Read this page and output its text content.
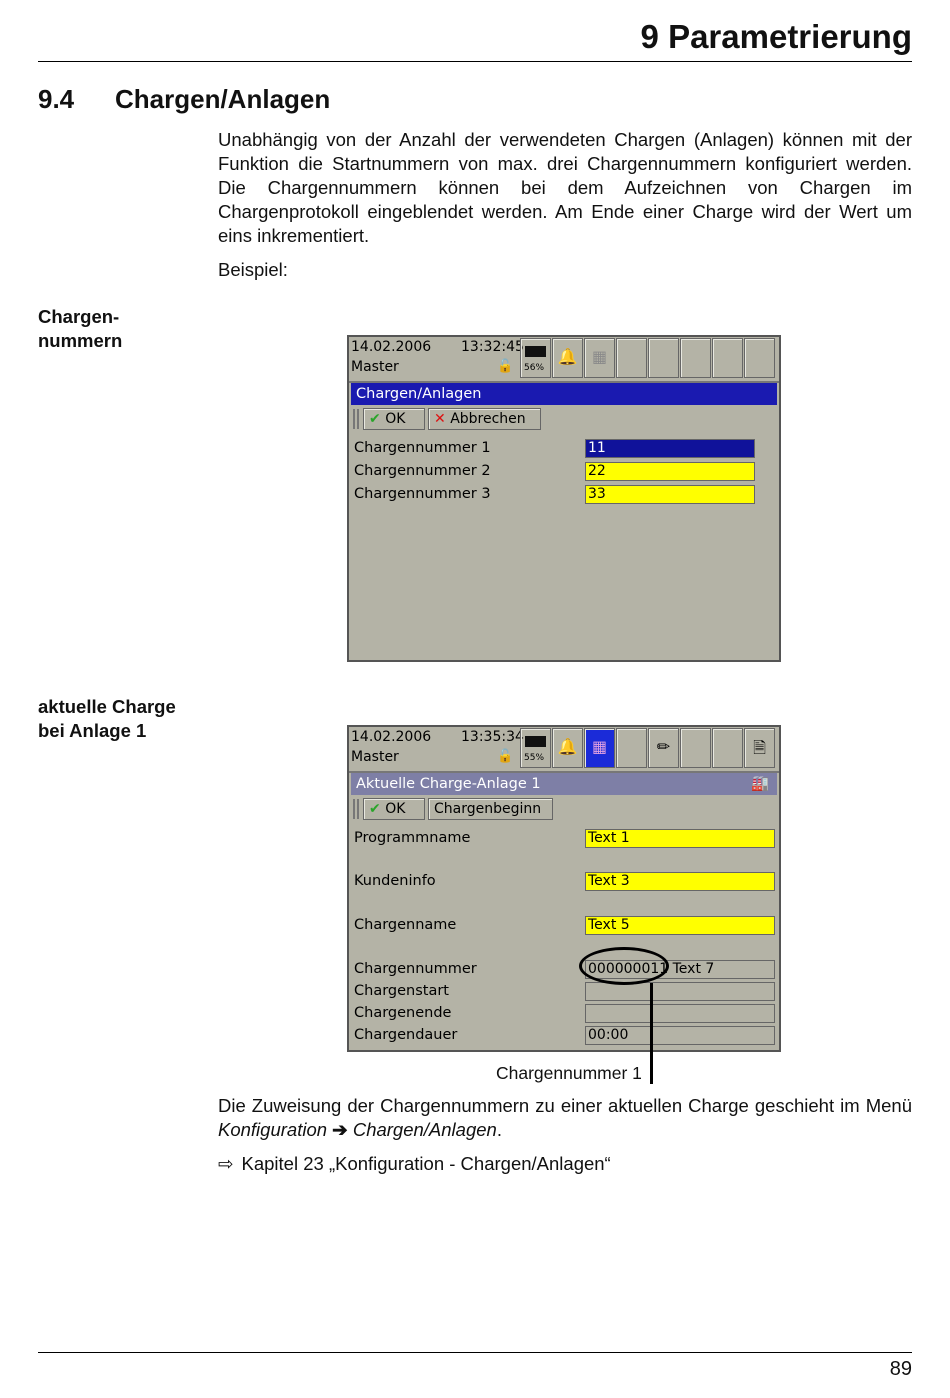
9 Parametrierung
9.4 Chargen/Anlagen
Unabhängig von der Anzahl der verwendeten Chargen (Anlagen) können mit der Funktion die Startnummern von max. drei Chargennummern konfiguriert werden. Die Chargennummern können bei dem Aufzeichnen von Chargen im Chargenprotokoll eingeblendet werden. Am Ende einer Charge wird der Wert um eins inkrementiert.
Beispiel:
Chargen-
nummern	14.02.2006 13:32:45
Master	🔓 56%
🔔 ▦
Chargen/Anlagen
✔ OK	✕ Abbrechen
Chargennummer 1	11
Chargennummer 2	22
Chargennummer 3	33
aktuelle Charge
bei Anlage 1	14.02.2006 13:35:34
Master	🔓 55%
🔔 ▦	✏	🗎
Aktuelle Charge-Anlage 1	🏭
✔ OK	Chargenbeginn
Programmname	Text 1
Kundeninfo	Text 3
Chargenname	Text 5
Chargennummer	000000011 Text 7
Chargenstart
Chargenende
Chargendauer	00:00
Chargennummer 1
Die Zuweisung der Chargennummern zu einer aktuellen Charge geschieht im Menü Konfiguration ➔ Chargen/Anlagen.
⇨ Kapitel 23 „Konfiguration - Chargen/Anlagen“
89
